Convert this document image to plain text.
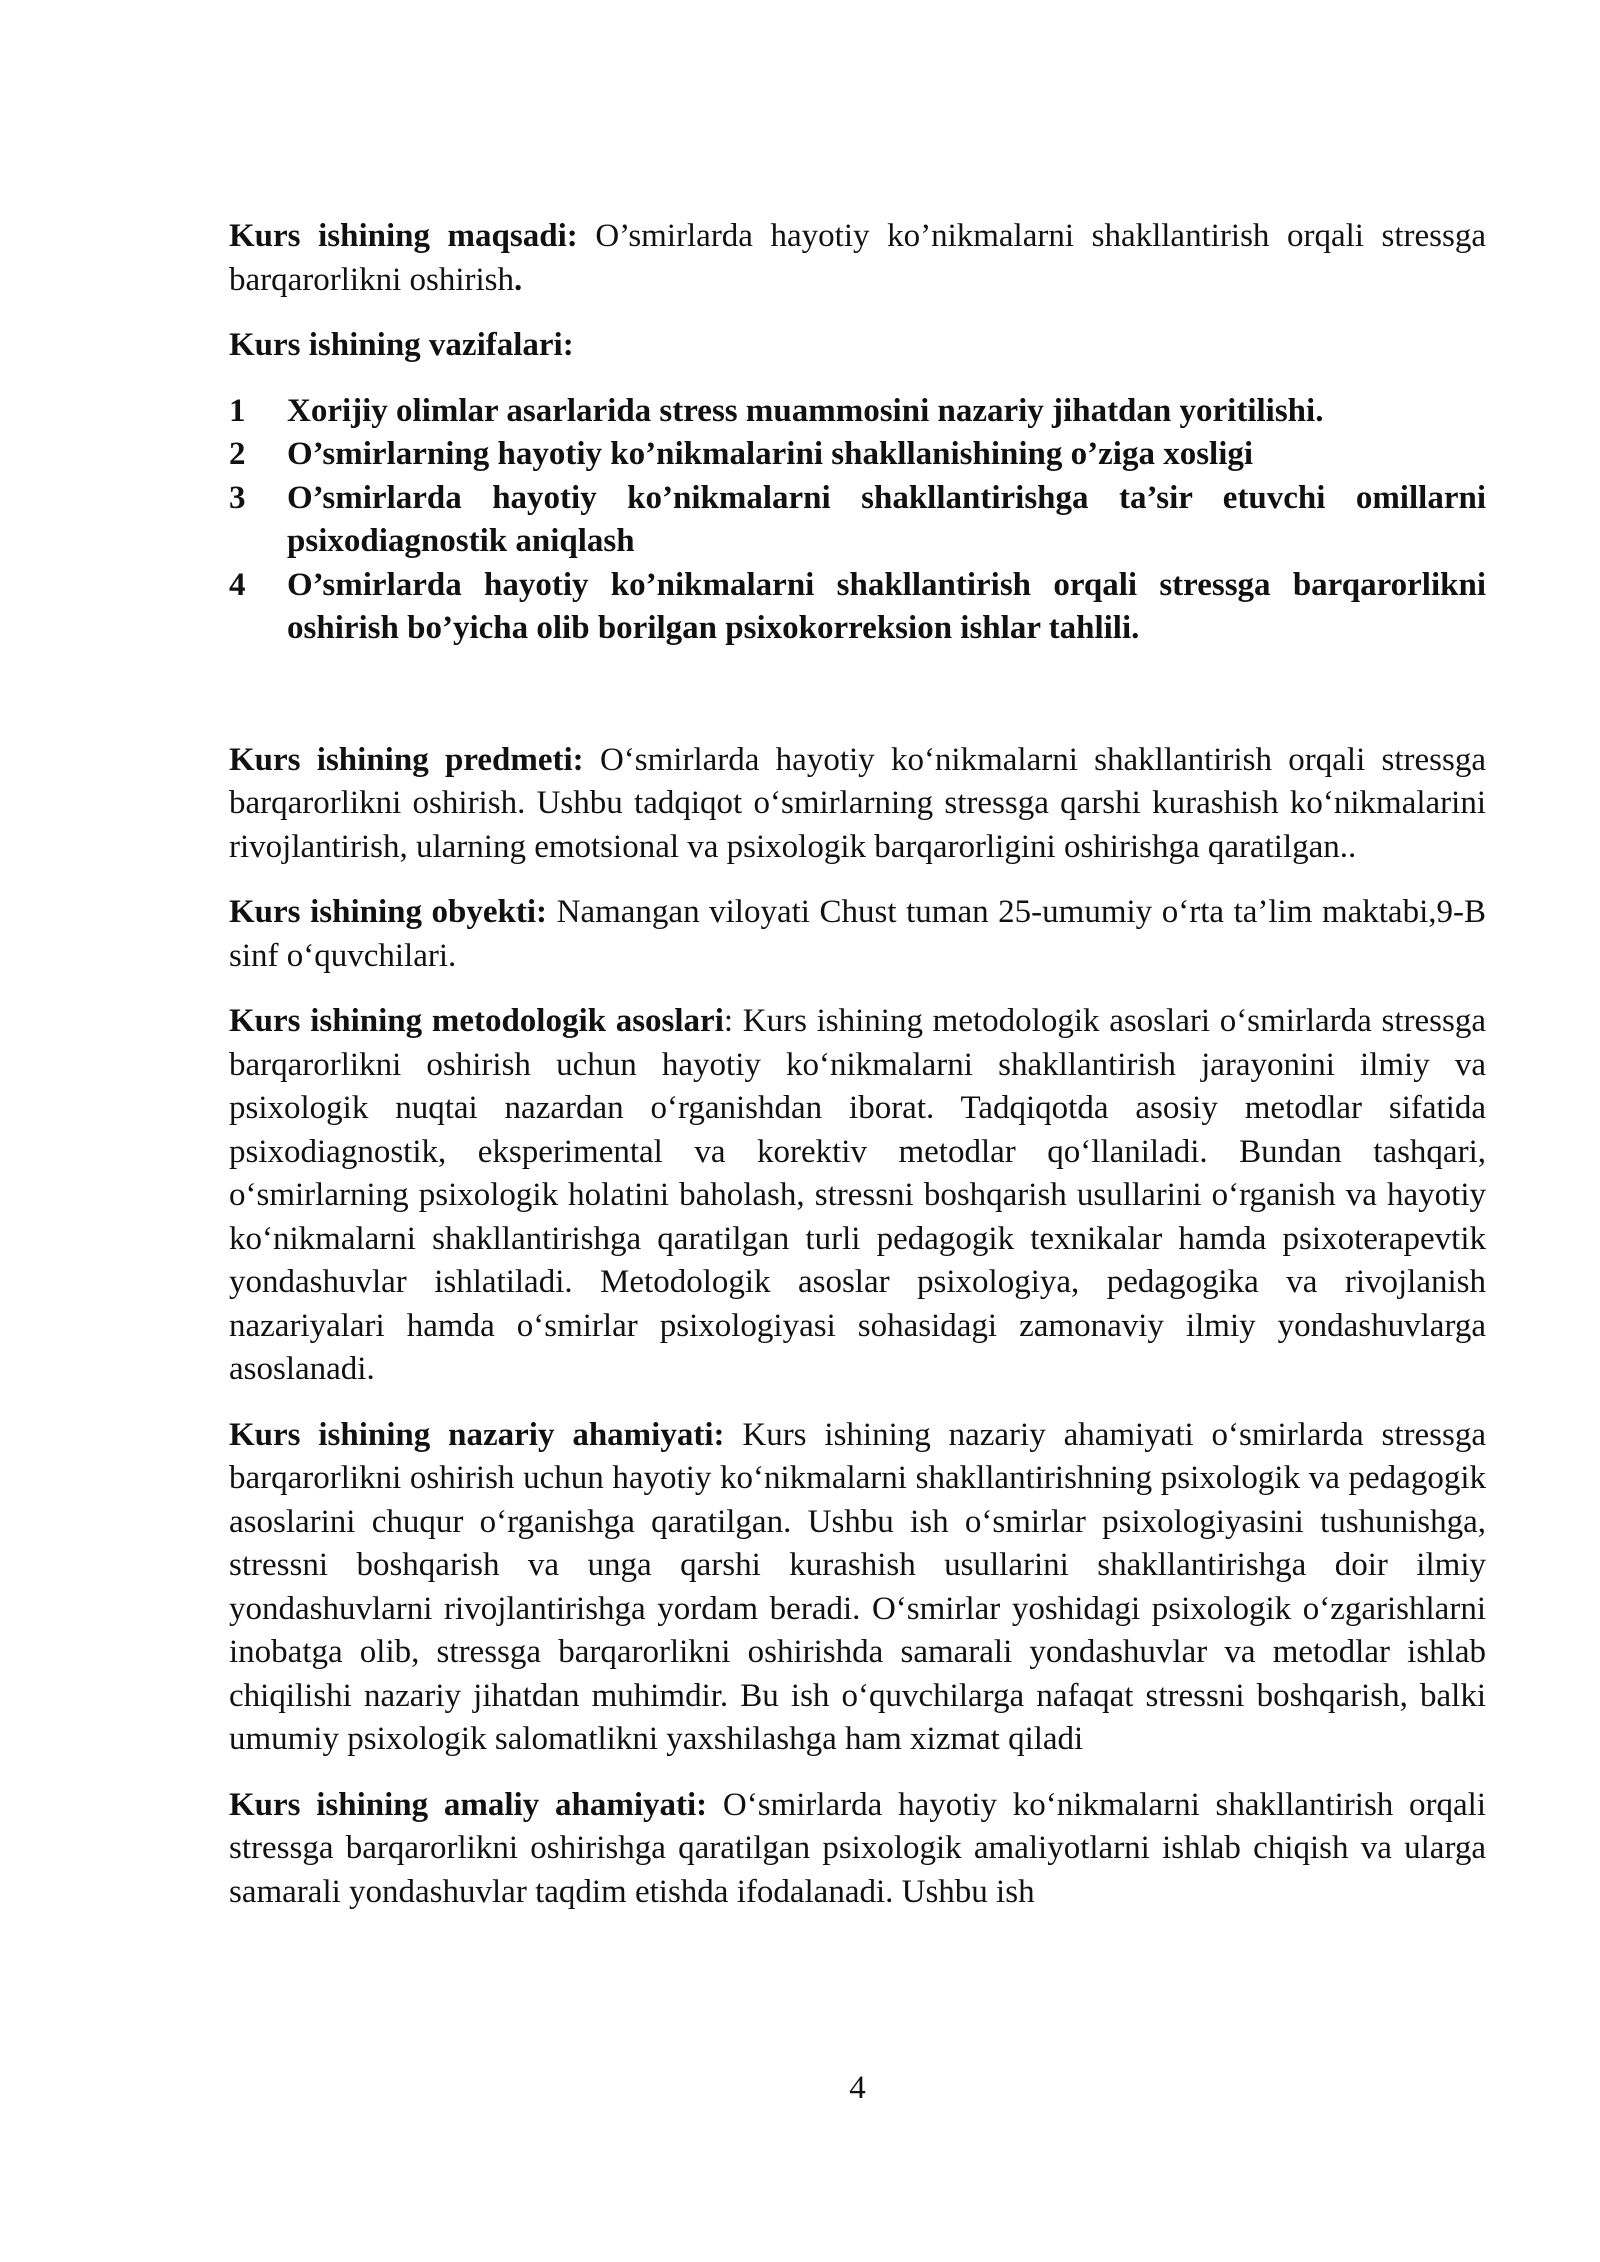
Kurs ishining maqsadi: O’smirlarda hayotiy ko’nikmalarni shakllantirish orqali stressga barqarorlikni oshirish.

Kurs ishining vazifalari:

1 Xorijiy olimlar asarlarida stress muammosini nazariy jihatdan yoritilishi.
2 O’smirlarning hayotiy ko’nikmalarini shakllanishining o’ziga xosligi
3 O’smirlarda hayotiy ko’nikmalarni shakllantirishga ta’sir etuvchi omillarni psixodiagnostik aniqlash
4 O’smirlarda hayotiy ko’nikmalarni shakllantirish orqali stressga barqarorlikni oshirish bo’yicha olib borilgan psixokorreksion ishlar tahlili.

Kurs ishining predmeti: O‘smirlarda hayotiy ko‘nikmalarni shakllantirish orqali stressga barqarorlikni oshirish. Ushbu tadqiqot o‘smirlarning stressga qarshi kurashish ko‘nikmalarini rivojlantirish, ularning emotsional va psixologik barqarorligini oshirishga qaratilgan..

Kurs ishining obyekti: Namangan viloyati Chust tuman 25-umumiy o‘rta ta’lim maktabi,9-B sinf o‘quvchilari.

Kurs ishining metodologik asoslari: Kurs ishining metodologik asoslari o‘smirlarda stressga barqarorlikni oshirish uchun hayotiy ko‘nikmalarni shakllantirish jarayonini ilmiy va psixologik nuqtai nazardan o‘rganishdan iborat. Tadqiqotda asosiy metodlar sifatida psixodiagnostik, eksperimental va korektiv metodlar qo‘llaniladi. Bundan tashqari, o‘smirlarning psixologik holatini baholash, stressni boshqarish usullarini o‘rganish va hayotiy ko‘nikmalarni shakllantirishga qaratilgan turli pedagogik texnikalar hamda psixoterapevtik yondashuvlar ishlatiladi. Metodologik asoslar psixologiya, pedagogika va rivojlanish nazariyalari hamda o‘smirlar psixologiyasi sohasidagi zamonaviy ilmiy yondashuvlarga asoslanadi.

Kurs ishining nazariy ahamiyati: Kurs ishining nazariy ahamiyati o‘smirlarda stressga barqarorlikni oshirish uchun hayotiy ko‘nikmalarni shakllantirishning psixologik va pedagogik asoslarini chuqur o‘rganishga qaratilgan. Ushbu ish o‘smirlar psixologiyasini tushunishga, stressni boshqarish va unga qarshi kurashish usullarini shakllantirishga doir ilmiy yondashuvlarni rivojlantirishga yordam beradi. O‘smirlar yoshidagi psixologik o‘zgarishlarni inobatga olib, stressga barqarorlikni oshirishda samarali yondashuvlar va metodlar ishlab chiqilishi nazariy jihatdan muhimdir. Bu ish o‘quvchilarga nafaqat stressni boshqarish, balki umumiy psixologik salomatlikni yaxshilashga ham xizmat qiladi

Kurs ishining amaliy ahamiyati: O‘smirlarda hayotiy ko‘nikmalarni shakllantirish orqali stressga barqarorlikni oshirishga qaratilgan psixologik amaliyotlarni ishlab chiqish va ularga samarali yondashuvlar taqdim etishda ifodalanadi. Ushbu ish

4
